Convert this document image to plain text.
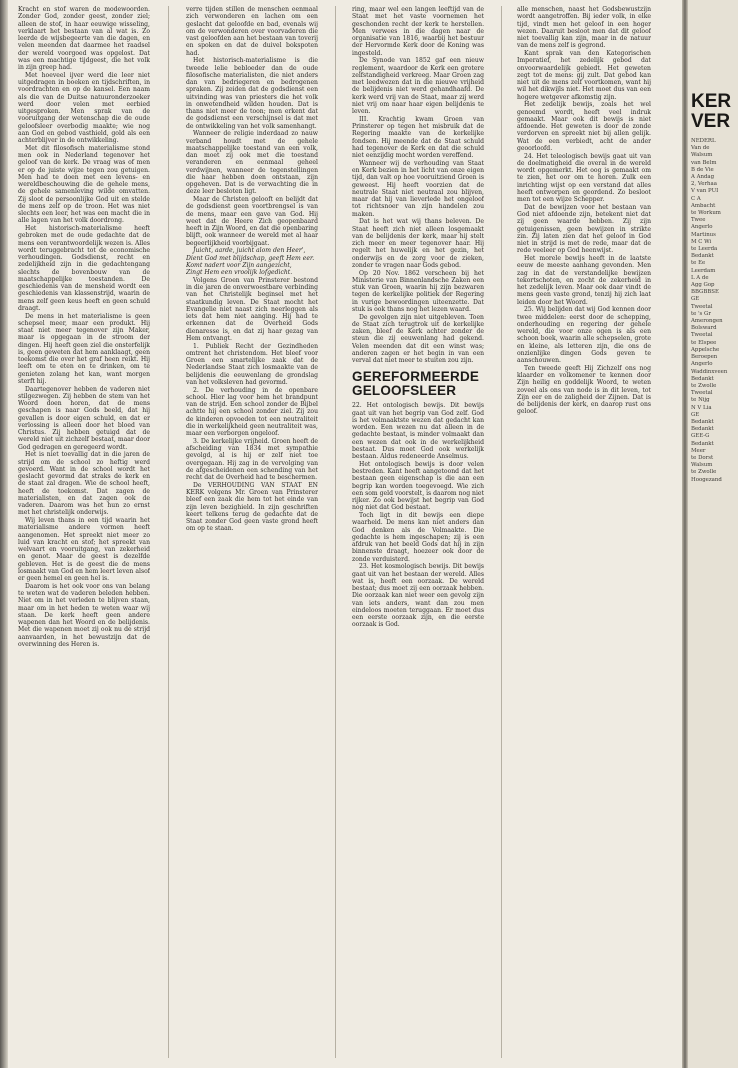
Kracht en stof waren de modewoorden. Zonder God, zonder geest, zonder ziel; alleen de stof, in haar eeuwige wisseling, verklaart het bestaan van al wat is. Zo leerde de wijsbegeerte van die dagen, en velen meenden dat daarmee het raadsel der wereld voorgoed was opgelost. Dat was een machtige tijdgeest, die het volk in zijn greep had.

Met hoeveel ijver werd die leer niet uitgedragen in boeken en tijdschriften, in voordrachten en op de kansel. Een naam als die van de Duitse natuuronderzoeker werd door velen met eerbied uitgesproken. Men sprak van de vooruitgang der wetenschap die de oude geloofsleer overbodig maakte; wie nog aan God en gebod vasthield, gold als een achterblijver in de ontwikkeling.

Met dit filosofisch materialisme stond men ook in Nederland tegenover het geloof van de kerk. De vraag was of men er op de juiste wijze tegen zou getuigen. Men had te doen met een levens- en wereldbeschouwing die de gehele mens, de gehele samenleving wilde omvatten. Zij sloot de persoonlijke God uit en stelde de mens zelf op de troon. Het was niet slechts een leer, het was een macht die in alle lagen van het volk doordrong.

Het historisch-materialisme heeft gebroken met de oude gedachte dat de mens een verantwoordelijk wezen is. Alles wordt teruggebracht tot de economische verhoudingen. Godsdienst, recht en zedelijkheid zijn in die gedachtengang slechts de bovenbouw van de maatschappelijke toestanden. De geschiedenis van de mensheid wordt een geschiedenis van klassenstrijd, waarin de mens zelf geen keus heeft en geen schuld draagt.

De mens in het materialisme is geen schepsel meer, maar een produkt. Hij staat niet meer tegenover zijn Maker, maar is opgegaan in de stroom der dingen. Hij heeft geen ziel die onsterfelijk is, geen geweten dat hem aanklaagt, geen toekomst die over het graf heen reikt. Hij leeft om te eten en te drinken, om te genieten zolang het kan, want morgen sterft hij.

Daartegenover hebben de vaderen niet stilgezwegen. Zij hebben de stem van het Woord doen horen, dat de mens geschapen is naar Gods beeld, dat hij gevallen is door eigen schuld, en dat er verlossing is alleen door het bloed van Christus. Zij hebben getuigd dat de wereld niet uit zichzelf bestaat, maar door God gedragen en geregeerd wordt.

Het is niet toevallig dat in die jaren de strijd om de school zo heftig werd gevoerd. Want in de school wordt het geslacht gevormd dat straks de kerk en de staat zal dragen. Wie de school heeft, heeft de toekomst. Dat zagen de materialisten, en dat zagen ook de vaderen. Daarom was het hun zo ernst met het christelijk onderwijs.

Wij leven thans in een tijd waarin het materialisme andere vormen heeft aangenomen. Het spreekt niet meer zo luid van kracht en stof; het spreekt van welvaart en vooruitgang, van zekerheid en genot. Maar de geest is dezelfde gebleven. Het is de geest die de mens losmaakt van God en hem leert leven alsof er geen hemel en geen hel is.

Daarom is het ook voor ons van belang te weten wat de vaderen beleden hebben. Niet om in het verleden te blijven staan, maar om in het heden te weten waar wij staan. De kerk heeft geen andere wapenen dan het Woord en de belijdenis. Met die wapenen moet zij ook nu de strijd aanvaarden, in het bewustzijn dat de overwinning des Heren is.

verre tijden stillen de menschen eenmaal zich verwonderen en lachen om een geslacht dat geloofde en bad, evenals wij om de verwonderen over voorvaderen die vast geloofden aan het bestaan van toverij en spoken en dat de duivel bokspoten had.

Het historisch-materialisme is die tweede lelie bebloeder dan de oude filosofische materialisten, die niet anders dan van bedriegeren en bedrogenen spraken. Zij zeiden dat de godsdienst een uitvinding was van priesters die het volk in onwetendheid wilden houden. Dat is thans niet meer de toon; men erkent dat de godsdienst een verschijnsel is dat met de ontwikkeling van het volk samenhangt.

Wanneer de religie inderdaad zo nauw verband houdt met de gehele maatschappelijke toestand van een volk, dan moet zij ook met die toestand veranderen en eenmaal geheel verdwijnen, wanneer de tegenstellingen die haar hebben doen ontstaan, zijn opgeheven. Dat is de verwachting die in deze leer besloten ligt.

Maar de Christen gelooft en belijdt dat de godsdienst geen voortbrengsel is van de mens, maar een gave van God. Hij weet dat de Heere Zich geopenbaard heeft in Zijn Woord, en dat die openbaring blijft, ook wanneer de wereld met al haar begeerlijkheid voorbijgaat.

Juicht, aarde, juicht alom den Heer',
Dient God met blijdschap, geeft Hem eer.
Komt nadert voor Zijn aangezicht,
Zingt Hem een vroolijk lofgedicht.

Volgens Groen van Prinsterer bestond in die jaren de onverwoestbare verbinding van het Christelijk beginsel met het staatkundig leven. De Staat mocht het Evangelie niet naast zich neerleggen als iets dat hem niet aanging. Hij had te erkennen dat de Overheid Gods dienaresse is, en dat zij haar gezag van Hem ontvangt.

1. Publiek Recht der Gezindheden omtrent het christendom. Het bleef voor Groen een smartelijke zaak dat de Nederlandse Staat zich losmaakte van de belijdenis die eeuwenlang de grondslag van het volksleven had gevormd.

2. De verhouding in de openbare school. Hier lag voor hem het brandpunt van de strijd. Een school zonder de Bijbel achtte hij een school zonder ziel. Zij zou de kinderen opvoeden tot een neutraliteit die in werkelijkheid geen neutraliteit was, maar een verborgen ongeloof.

3. De kerkelijke vrijheid. Groen heeft de afscheiding van 1834 met sympathie gevolgd, al is hij er zelf niet toe overgegaan. Hij zag in de vervolging van de afgescheidenen een schending van het recht dat de Overheid had te beschermen.

De VERHOUDING VAN STAAT EN KERK volgens Mr. Groen van Prinsterer bleef een zaak die hem tot het einde van zijn leven bezighield. In zijn geschriften keert telkens terug de gedachte dat de Staat zonder God geen vaste grond heeft om op te staan.

ring, maar wel een langen leeftijd van de Staat met het vaste voornemen het geschonden recht der kerk te herstellen. Men verwees in die dagen naar de organisatie van 1816, waarbij het bestuur der Hervormde Kerk door de Koning was ingesteld.

De Synode van 1852 gaf een nieuw reglement, waardoor de Kerk een grotere zelfstandigheid verkreeg. Maar Groen zag met leedwezen dat in die nieuwe vrijheid de belijdenis niet werd gehandhaafd. De kerk werd vrij van de Staat, maar zij werd niet vrij om naar haar eigen belijdenis te leven.

III. Krachtig kwam Groen van Prinsterer op tegen het misbruik dat de Regering maakte van de kerkelijke fondsen. Hij meende dat de Staat schuld had tegenover de Kerk en dat die schuld niet eenzijdig mocht worden vereffend.

Wanneer wij de verhouding van Staat en Kerk bezien in het licht van onze eigen tijd, dan valt op hoe vooruitziend Groen is geweest. Hij heeft voorzien dat de neutrale Staat niet neutraal zou blijven, maar dat hij van lieverlede het ongeloof tot richtsnoer van zijn handelen zou maken.

Dat is het wat wij thans beleven. De Staat heeft zich niet alleen losgemaakt van de belijdenis der kerk, maar hij stelt zich meer en meer tegenover haar. Hij regelt het huwelijk en het gezin, het onderwijs en de zorg voor de zieken, zonder te vragen naar Gods gebod.

Op 20 Nov. 1862 verscheen bij het Ministerie van Binnenlandsche Zaken een stuk van Groen, waarin hij zijn bezwaren tegen de kerkelijke politiek der Regering in vurige bewoordingen uiteenzette. Dat stuk is ook thans nog het lezen waard.

De gevolgen zijn niet uitgebleven. Toen de Staat zich terugtrok uit de kerkelijke zaken, bleef de Kerk achter zonder de steun die zij eeuwenlang had gekend. Velen meenden dat dit een winst was; anderen zagen er het begin in van een verval dat niet meer te stuiten zou zijn.

GEREFORMEERDE GELOOFSLEER

22. Het ontologisch bewijs. Dit bewijs gaat uit van het begrip van God zelf. God is het volmaaktste wezen dat gedacht kan worden. Een wezen nu dat alleen in de gedachte bestaat, is minder volmaakt dan een wezen dat ook in de werkelijkheid bestaat. Dus moet God ook werkelijk bestaan. Aldus redeneerde Anselmus.

Het ontologisch bewijs is door velen bestreden. Kant heeft aangetoond dat het bestaan geen eigenschap is die aan een begrip kan worden toegevoegd. Wie zich een som geld voorstelt, is daarom nog niet rijker. Zo ook bewijst het begrip van God nog niet dat God bestaat.

Toch ligt in dit bewijs een diepe waarheid. De mens kan niet anders dan God denken als de Volmaakte. Die gedachte is hem ingeschapen; zij is een afdruk van het beeld Gods dat hij in zijn binnenste draagt, hoezeer ook door de zonde verduisterd.

23. Het kosmologisch bewijs. Dit bewijs gaat uit van het bestaan der wereld. Alles wat is, heeft een oorzaak. De wereld bestaat; dus moet zij een oorzaak hebben. Die oorzaak kan niet weer een gevolg zijn van iets anders, want dan zou men eindeloos moeten teruggaan. Er moet dus een eerste oorzaak zijn, en die eerste oorzaak is God.

alle menschen, naast het Godsbewustzijn wordt aangetroffen. Bij ieder volk, in elke tijd, vindt men het geloof in een hoger wezen. Daaruit besloot men dat dit geloof niet toevallig kan zijn, maar in de natuur van de mens zelf is gegrond.

Kant sprak van den Kategorischen Imperatief, het zedelijk gebod dat onvoorwaardelijk gebiedt. Het geweten zegt tot de mens: gij zult. Dat gebod kan niet uit de mens zelf voortkomen, want hij wil het dikwijls niet. Het moet dus van een hogere wetgever afkomstig zijn.

Het zedelijk bewijs, zoals het wel genoemd wordt, heeft veel indruk gemaakt. Maar ook dit bewijs is niet afdoende. Het geweten is door de zonde verdorven en spreekt niet bij allen gelijk. Wat de een verbiedt, acht de ander geoorloofd.

24. Het teleologisch bewijs gaat uit van de doelmatigheid die overal in de wereld wordt opgemerkt. Het oog is gemaakt om te zien, het oor om te horen. Zulk een inrichting wijst op een verstand dat alles heeft ontworpen en geordend. Zo besloot men tot een wijze Schepper.

Dat de bewijzen voor het bestaan van God niet afdoende zijn, betekent niet dat zij geen waarde hebben. Zij zijn getuigenissen, geen bewijzen in strikte zin. Zij laten zien dat het geloof in God niet in strijd is met de rede, maar dat de rede veeleer op God heenwijst.

Het morele bewijs heeft in de laatste eeuw de meeste aanhang gevonden. Men zag in dat de verstandelijke bewijzen tekortschoten, en zocht de zekerheid in het zedelijk leven. Maar ook daar vindt de mens geen vaste grond, tenzij hij zich laat leiden door het Woord.

25. Wij belijden dat wij God kennen door twee middelen: eerst door de schepping, onderhouding en regering der gehele wereld, die voor onze ogen is als een schoon boek, waarin alle schepselen, grote en kleine, als letteren zijn, die ons de onzienlijke dingen Gods geven te aanschouwen.

Ten tweede geeft Hij Zichzelf ons nog klaarder en volkomener te kennen door Zijn heilig en goddelijk Woord, te weten zoveel als ons van node is in dit leven, tot Zijn eer en de zaligheid der Zijnen. Dat is de belijdenis der kerk, en daarop rust ons geloof.

KER
VER
NEDERL
Van de
Walsum
van Belm
B de Vie
A Andag
2, Verhaa
V van PUI
C A
Ambacht
te Workum
Twee
Angerlo
Martinus
M C Wi
te Leerda
Bedankt
te Ee
Leerdam
L A de
Agg Gop
BBGBBSE
GE
Tweetal
te 's Gr
Amerongen
Bolsward
Tweetal
te Elspee
Appelsche
Beroepen
Angerlo
Waddinxveen
Bedankt
te Zwolle
Tweetal
te Nijg
N V Lia
GE
Bedankt
Bedankt
GEE-G
Bedankt
Meer
te Dorst
Walsum
te Zwolle
Hoogezand
